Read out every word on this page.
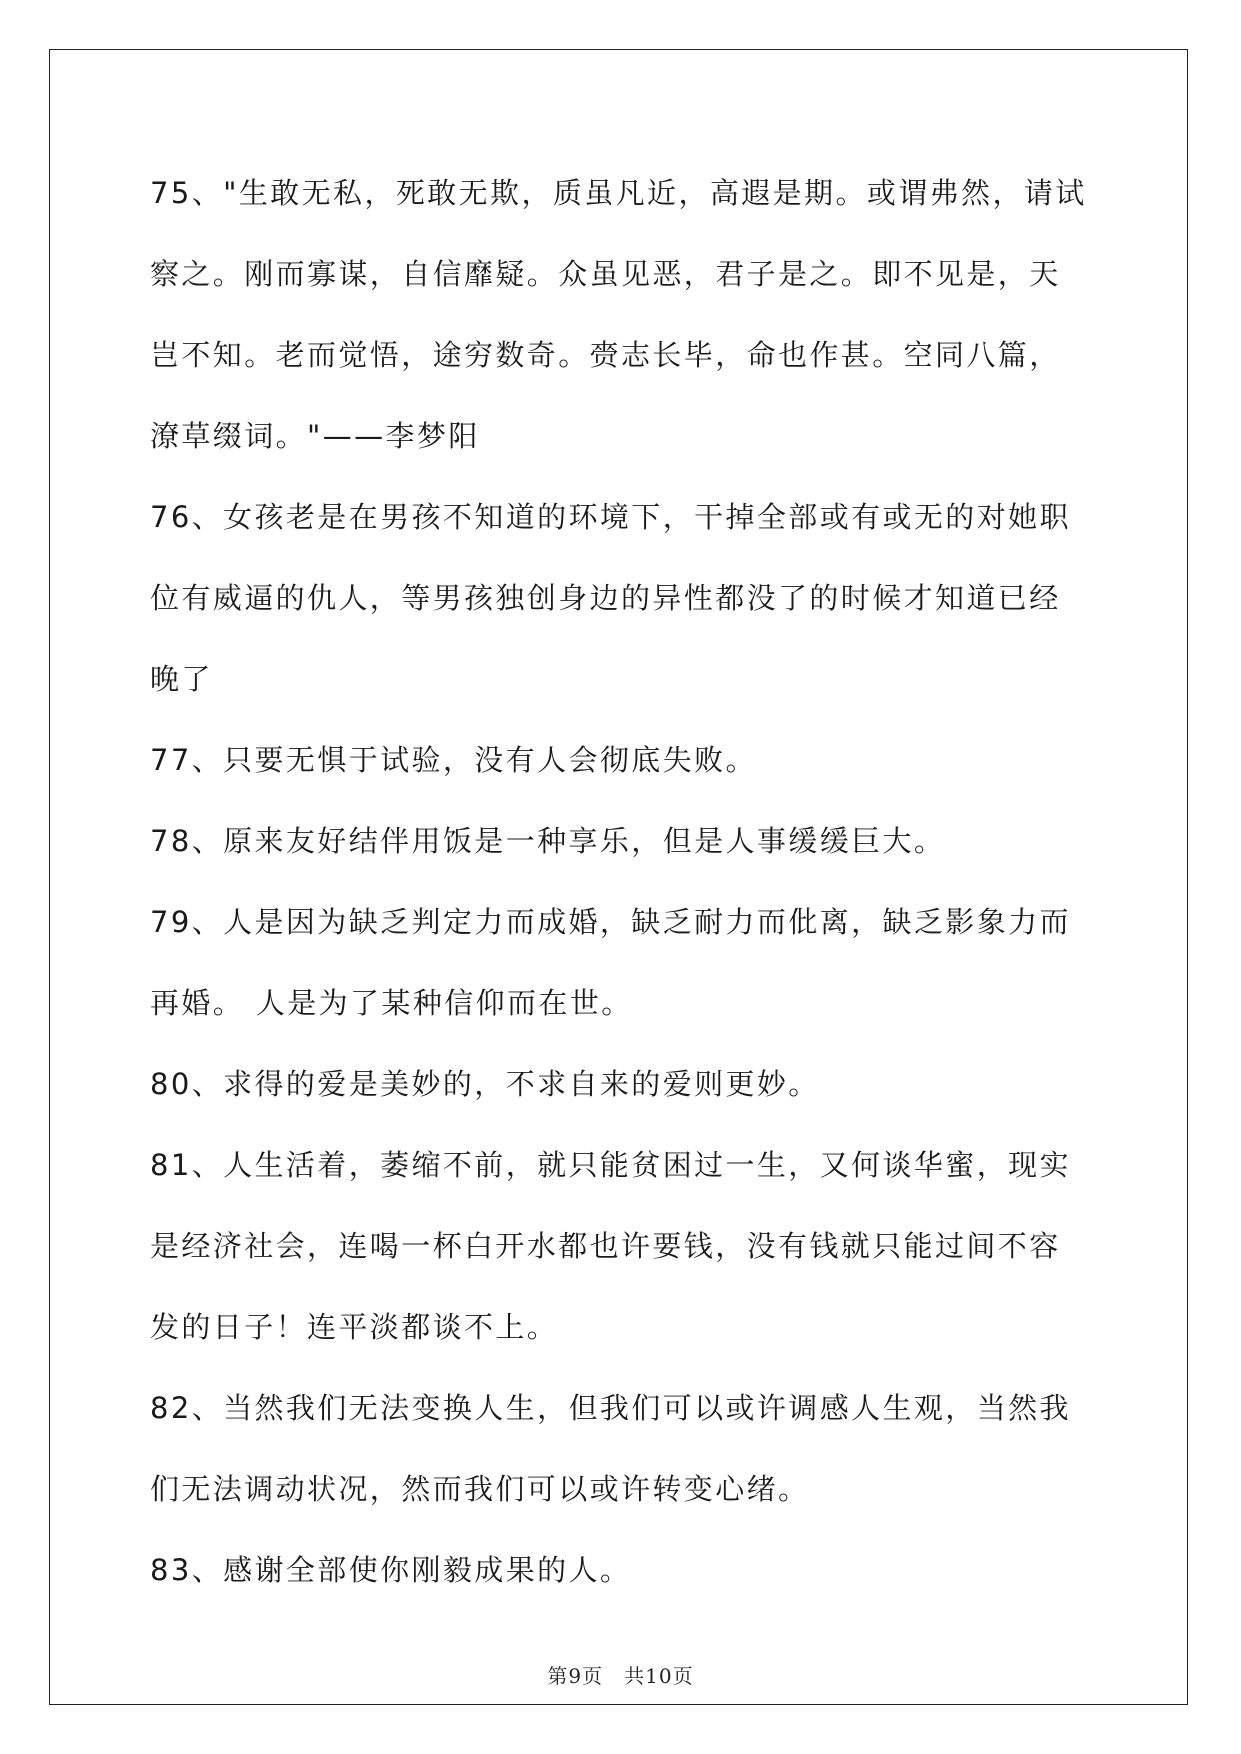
75、"生敢无私，死敢无欺，质虽凡近，高遐是期。或谓弗然，请试察之。刚而寡谋，自信靡疑。众虽见恶，君子是之。即不见是，天岂不知。老而觉悟，途穷数奇。赍志长毕，命也作甚。空同八篇，潦草缀词。"——李梦阳

76、女孩老是在男孩不知道的环境下，干掉全部或有或无的对她职位有威逼的仇人，等男孩独创身边的异性都没了的时候才知道已经晚了

77、只要无惧于试验，没有人会彻底失败。

78、原来友好结伴用饭是一种享乐，但是人事缓缓巨大。

79、人是因为缺乏判定力而成婚，缺乏耐力而仳离，缺乏影象力而再婚。 人是为了某种信仰而在世。

80、求得的爱是美妙的，不求自来的爱则更妙。

81、人生活着，萎缩不前，就只能贫困过一生，又何谈华蜜，现实是经济社会，连喝一杯白开水都也许要钱，没有钱就只能过间不容发的日子！连平淡都谈不上。

82、当然我们无法变换人生，但我们可以或许调感人生观，当然我们无法调动状况，然而我们可以或许转变心绪。

83、感谢全部使你刚毅成果的人。

第9页　共10页
